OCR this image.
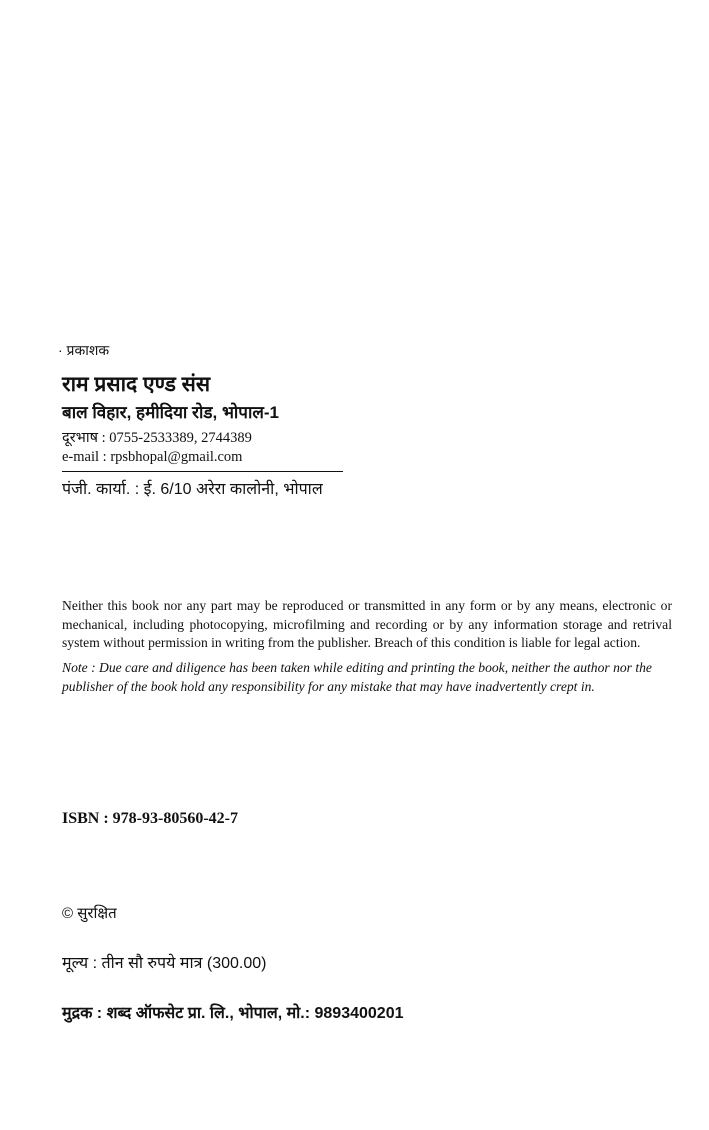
· प्रकाशक
राम प्रसाद एण्ड संस
बाल विहार, हमीदिया रोड, भोपाल-1
दूरभाष : 0755-2533389, 2744389
e-mail : rpsbhopal@gmail.com
पंजी. कार्या. : ई. 6/10 अरेरा कालोनी, भोपाल
Neither this book nor any part may be reproduced or transmitted in any form or by any means, electronic or mechanical, including photocopying, microfilming and recording or by any information storage and retrival system without permission in writing from the publisher. Breach of this condition is liable for legal action.
Note : Due care and diligence has been taken while editing and printing the book, neither the author nor the publisher of the book hold any responsibility for any mistake that may have inadvertently crept in.
ISBN : 978-93-80560-42-7
© सुरक्षित
मूल्य : तीन सौ रुपये मात्र (300.00)
मुद्रक : शब्द ऑफसेट प्रा. लि., भोपाल, मो.: 9893400201
